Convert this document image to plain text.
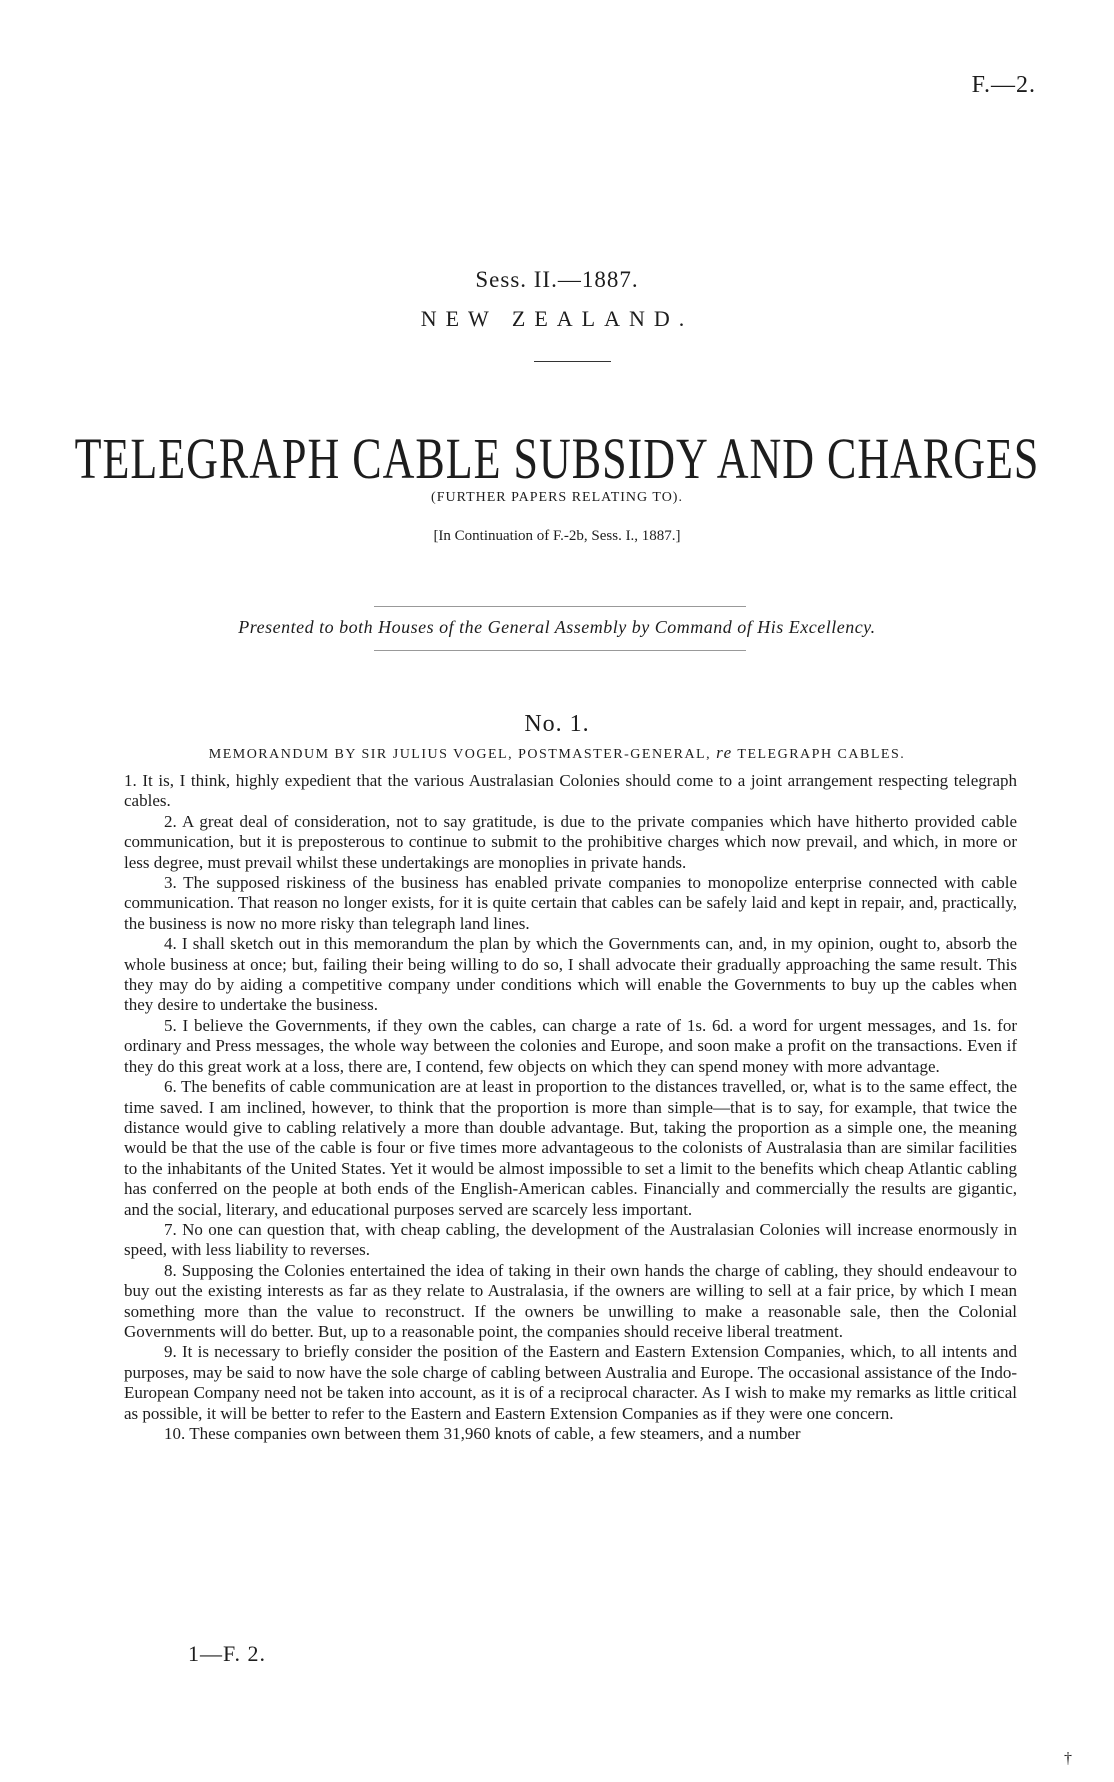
F.—2.
Sess. II.—1887.
NEW ZEALAND.
TELEGRAPH CABLE SUBSIDY AND CHARGES
(FURTHER PAPERS RELATING TO).
[In Continuation of F.-2b, Sess. I., 1887.]
Presented to both Houses of the General Assembly by Command of His Excellency.
No. 1.
MEMORANDUM BY SIR JULIUS VOGEL, POSTMASTER-GENERAL, re TELEGRAPH CABLES.

1. It is, I think, highly expedient that the various Australasian Colonies should come to a joint arrangement respecting telegraph cables.

2. A great deal of consideration, not to say gratitude, is due to the private companies which have hitherto provided cable communication, but it is preposterous to continue to submit to the prohibitive charges which now prevail, and which, in more or less degree, must prevail whilst these undertakings are monoplies in private hands.

3. The supposed riskiness of the business has enabled private companies to monopolize enterprise connected with cable communication. That reason no longer exists, for it is quite certain that cables can be safely laid and kept in repair, and, practically, the business is now no more risky than telegraph land lines.

4. I shall sketch out in this memorandum the plan by which the Governments can, and, in my opinion, ought to, absorb the whole business at once; but, failing their being willing to do so, I shall advocate their gradually approaching the same result. This they may do by aiding a competitive company under conditions which will enable the Governments to buy up the cables when they desire to undertake the business.

5. I believe the Governments, if they own the cables, can charge a rate of 1s. 6d. a word for urgent messages, and 1s. for ordinary and Press messages, the whole way between the colonies and Europe, and soon make a profit on the transactions. Even if they do this great work at a loss, there are, I contend, few objects on which they can spend money with more advantage.

6. The benefits of cable communication are at least in proportion to the distances travelled, or, what is to the same effect, the time saved. I am inclined, however, to think that the proportion is more than simple—that is to say, for example, that twice the distance would give to cabling relatively a more than double advantage. But, taking the proportion as a simple one, the meaning would be that the use of the cable is four or five times more advantageous to the colonists of Australasia than are similar facilities to the inhabitants of the United States. Yet it would be almost impossible to set a limit to the benefits which cheap Atlantic cabling has conferred on the people at both ends of the English-American cables. Financially and commercially the results are gigantic, and the social, literary, and educational purposes served are scarcely less important.

7. No one can question that, with cheap cabling, the development of the Australasian Colonies will increase enormously in speed, with less liability to reverses.

8. Supposing the Colonies entertained the idea of taking in their own hands the charge of cabling, they should endeavour to buy out the existing interests as far as they relate to Australasia, if the owners are willing to sell at a fair price, by which I mean something more than the value to reconstruct. If the owners be unwilling to make a reasonable sale, then the Colonial Governments will do better. But, up to a reasonable point, the companies should receive liberal treatment.

9. It is necessary to briefly consider the position of the Eastern and Eastern Extension Companies, which, to all intents and purposes, may be said to now have the sole charge of cabling between Australia and Europe. The occasional assistance of the Indo-European Company need not be taken into account, as it is of a reciprocal character. As I wish to make my remarks as little critical as possible, it will be better to refer to the Eastern and Eastern Extension Companies as if they were one concern.

10. These companies own between them 31,960 knots of cable, a few steamers, and a number

1—F. 2.
†
